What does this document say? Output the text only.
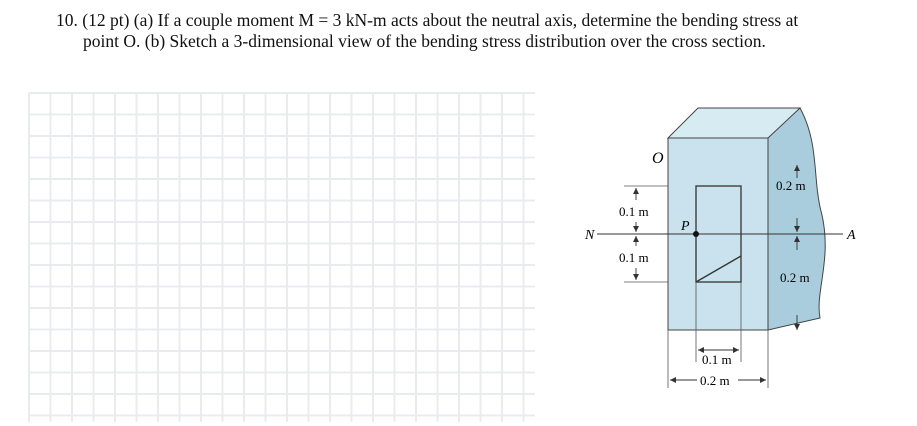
10. (12 pt) (a) If a couple moment M = 3 kN-m acts about the neutral axis, determine the bending stress at
point O. (b) Sketch a 3-dimensional view of the bending stress distribution over the cross section.
O
P
N	A
0.1 m
0.1 m
0.2 m
0.2 m
0.1 m
0.2 m
